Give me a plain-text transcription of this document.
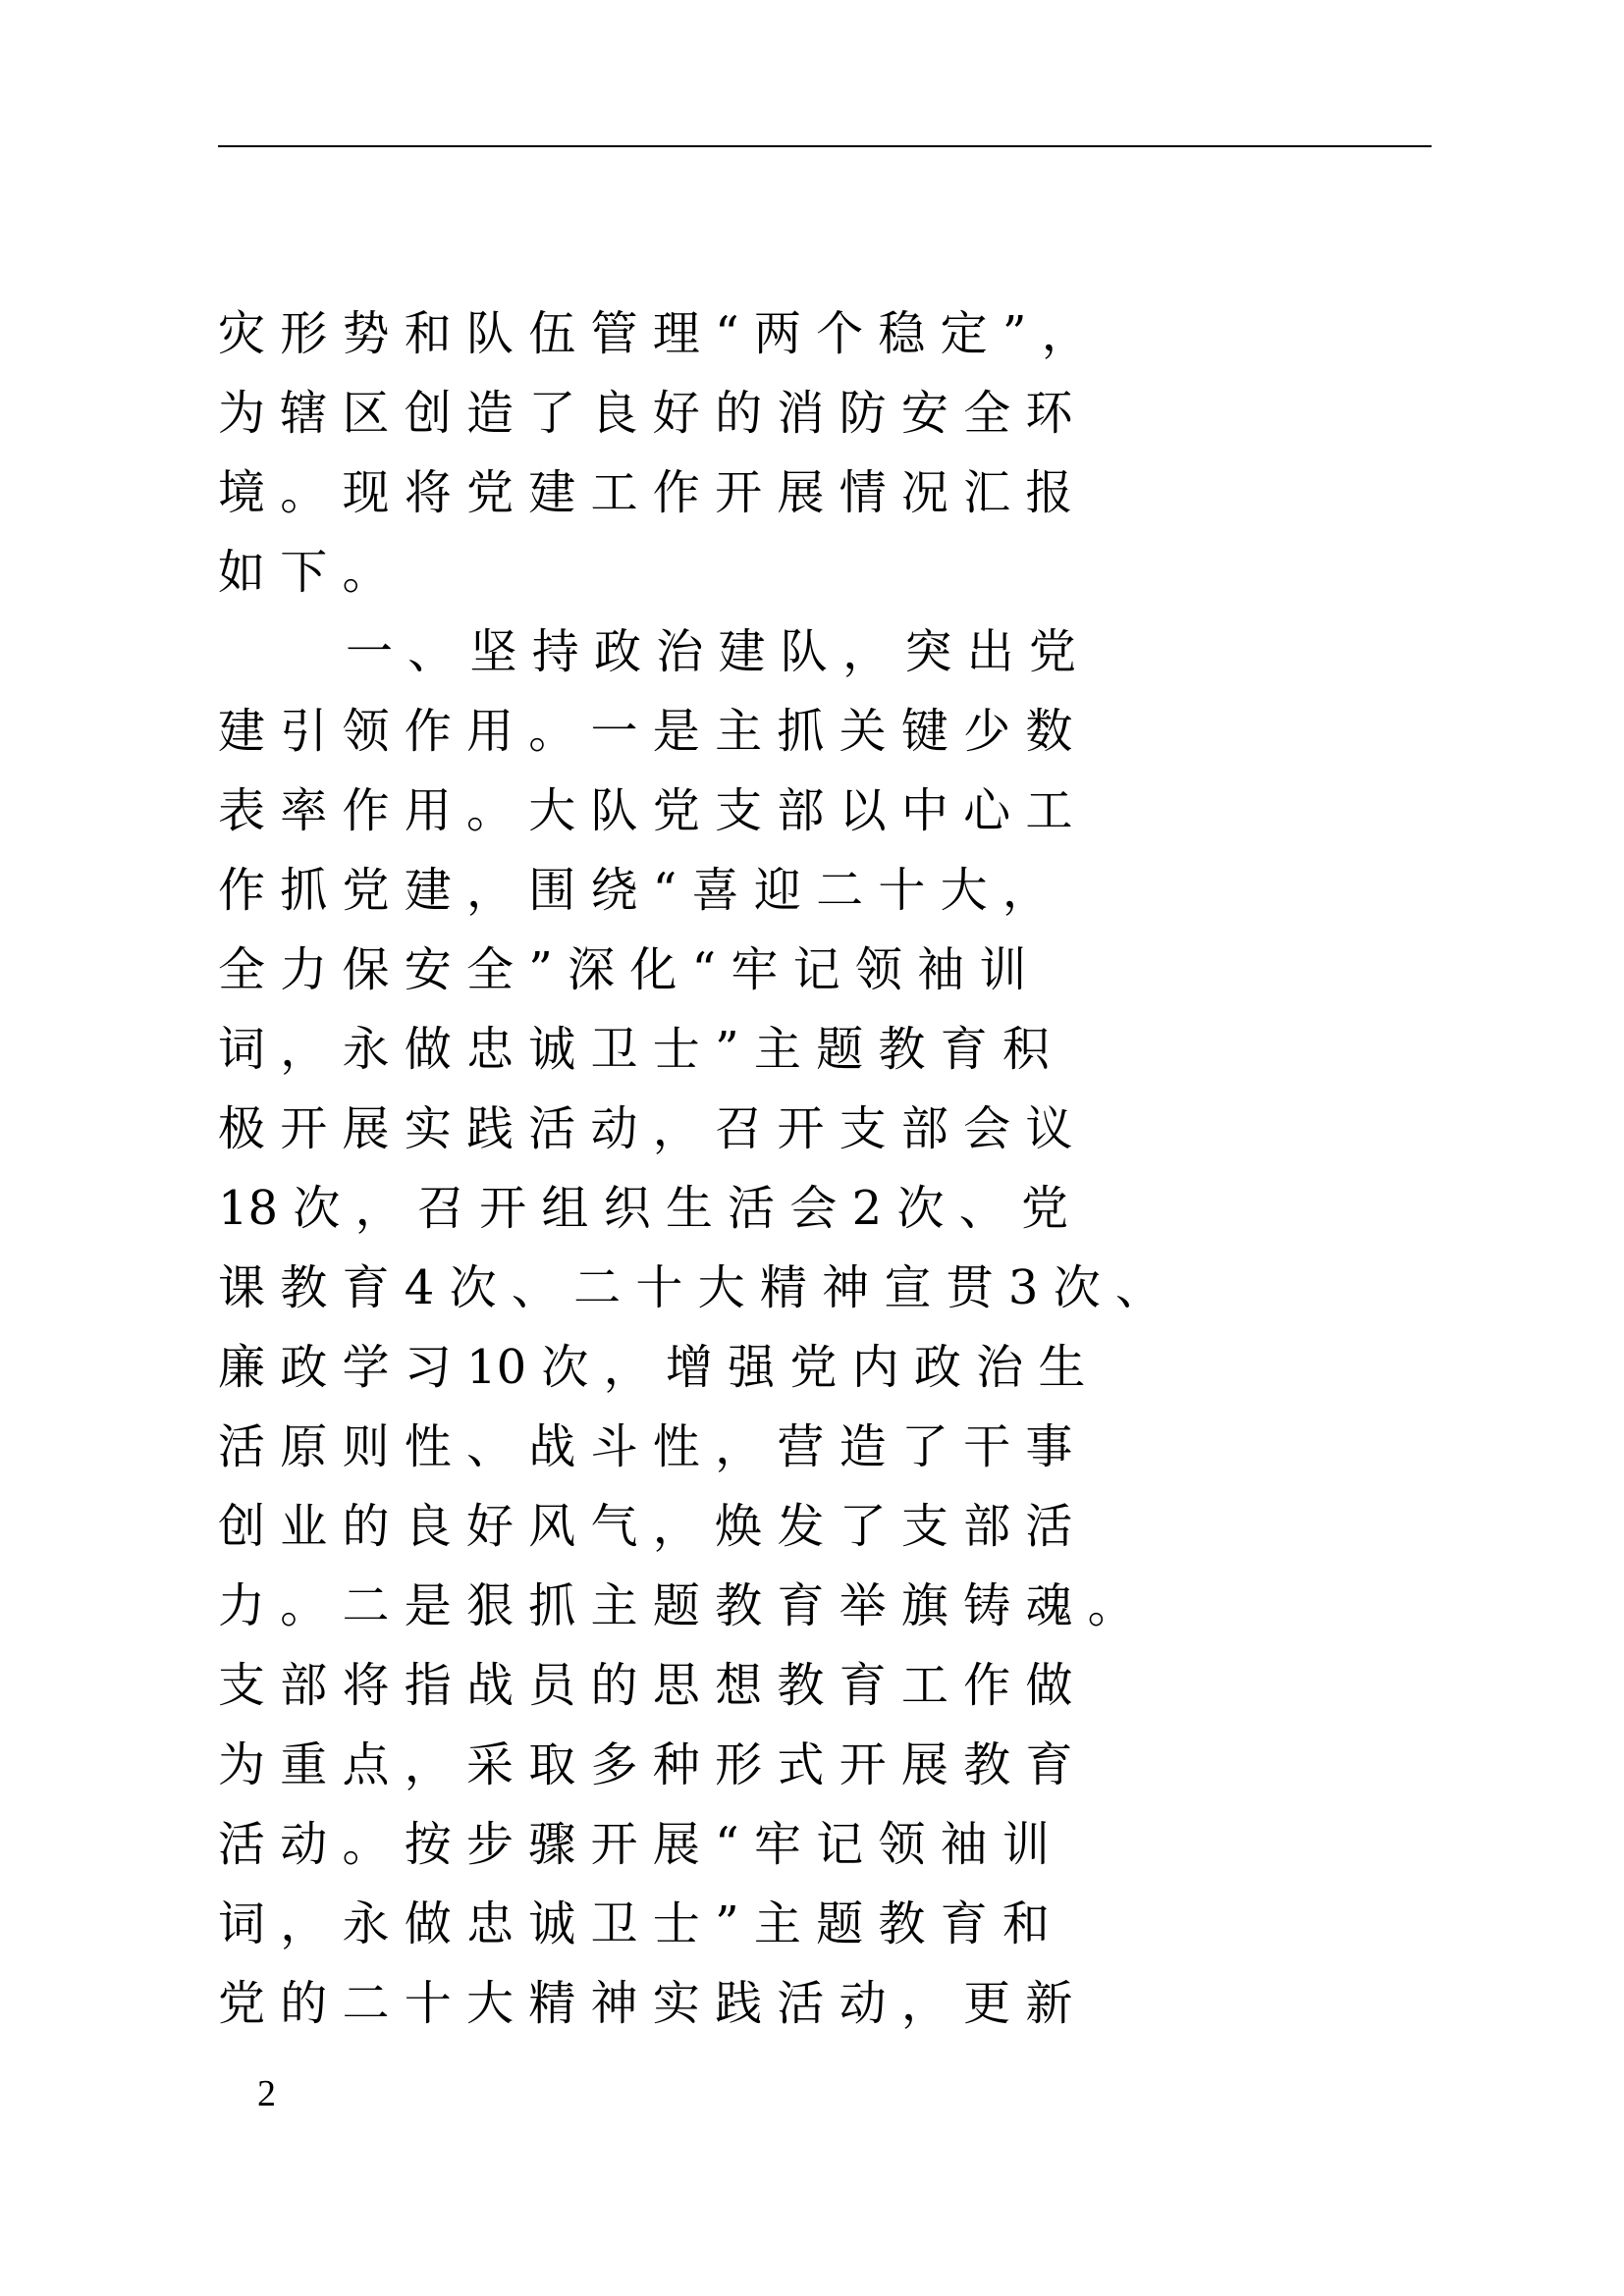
灾 形 势 和 队 伍 管 理 “ 两 个 稳 定 ” ，
为 辖 区 创 造 了 良 好 的 消 防 安 全 环
境 。 现 将 党 建 工 作 开 展 情 况 汇 报
如 下 。
一 、 坚 持 政 治 建 队 ， 突 出 党
建 引 领 作 用 。 一 是 主 抓 关 键 少 数
表 率 作 用 。 大 队 党 支 部 以 中 心 工
作 抓 党 建 ， 围 绕 “ 喜 迎 二 十 大 ，
全 力 保 安 全 ” 深 化 “ 牢 记 领 袖 训
词 ， 永 做 忠 诚 卫 士 ” 主 题 教 育 积
极 开 展 实 践 活 动 ， 召 开 支 部 会 议
18 次 ， 召 开 组 织 生 活 会 2 次 、 党
课 教 育 4 次 、 二 十 大 精 神 宣 贯 3 次 、
廉 政 学 习 10 次 ， 增 强 党 内 政 治 生
活 原 则 性 、 战 斗 性 ， 营 造 了 干 事
创 业 的 良 好 风 气 ， 焕 发 了 支 部 活
力 。 二 是 狠 抓 主 题 教 育 举 旗 铸 魂 。
支 部 将 指 战 员 的 思 想 教 育 工 作 做
为 重 点 ， 采 取 多 种 形 式 开 展 教 育
活 动 。 按 步 骤 开 展 “ 牢 记 领 袖 训
词 ， 永 做 忠 诚 卫 士 ” 主 题 教 育 和
党 的 二 十 大 精 神 实 践 活 动 ， 更 新
2
